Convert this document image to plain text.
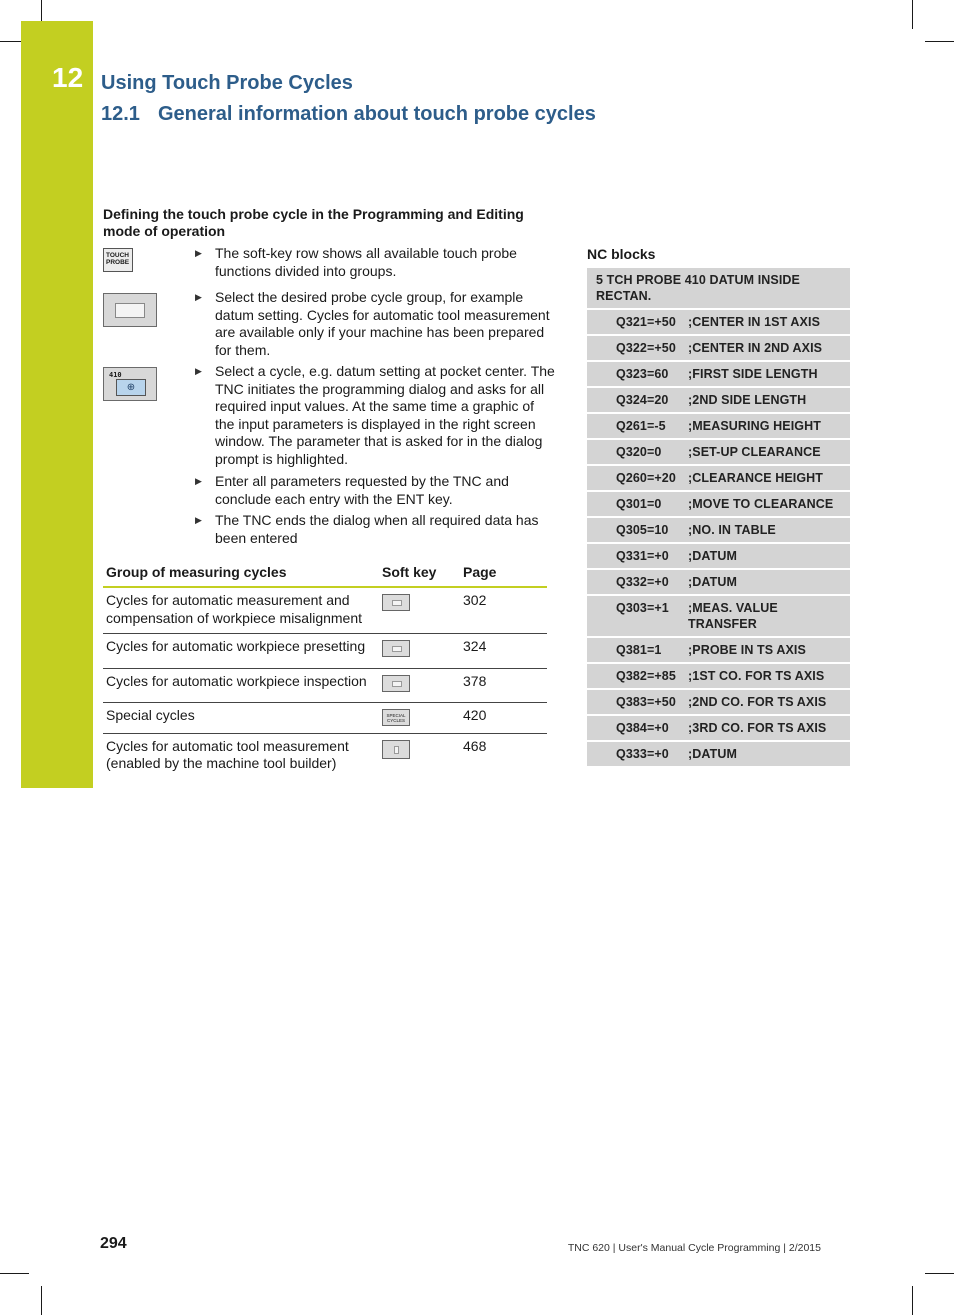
12 Using Touch Probe Cycles
12.1 General information about touch probe cycles
Defining the touch probe cycle in the Programming and Editing mode of operation
TOUCH PROBE
410
⊕
▶ The soft-key row shows all available touch probe functions divided into groups.
▶ Select the desired probe cycle group, for example datum setting. Cycles for automatic tool measurement are available only if your machine has been prepared for them.
▶ Select a cycle, e.g. datum setting at pocket center. The TNC initiates the programming dialog and asks for all required input values. At the same time a graphic of the input parameters is displayed in the right screen window. The parameter that is asked for in the dialog prompt is highlighted.
▶ Enter all parameters requested by the TNC and conclude each entry with the ENT key.
▶ The TNC ends the dialog when all required data has been entered
Group of measuring cycles	Soft key	Page
Cycles for automatic measurement and compensation of workpiece misalignment		302
Cycles for automatic workpiece presetting		324
Cycles for automatic workpiece inspection		378
Special cycles	SPECIAL CYCLES	420
Cycles for automatic tool measurement (enabled by the machine tool builder)		468
NC blocks
5 TCH PROBE 410 DATUM INSIDE RECTAN.
Q321=+50 ;CENTER IN 1ST AXIS
Q322=+50 ;CENTER IN 2ND AXIS
Q323=60	;FIRST SIDE LENGTH
Q324=20	;2ND SIDE LENGTH
Q261=-5	;MEASURING HEIGHT
Q320=0	;SET-UP CLEARANCE
Q260=+20 ;CLEARANCE HEIGHT
Q301=0	;MOVE TO CLEARANCE
Q305=10	;NO. IN TABLE
Q331=+0	;DATUM
Q332=+0	;DATUM
Q303=+1	;MEAS. VALUE TRANSFER
Q381=1	;PROBE IN TS AXIS
Q382=+85 ;1ST CO. FOR TS AXIS
Q383=+50 ;2ND CO. FOR TS AXIS
Q384=+0	;3RD CO. FOR TS AXIS
Q333=+0	;DATUM
294	TNC 620 | User's Manual Cycle Programming | 2/2015
